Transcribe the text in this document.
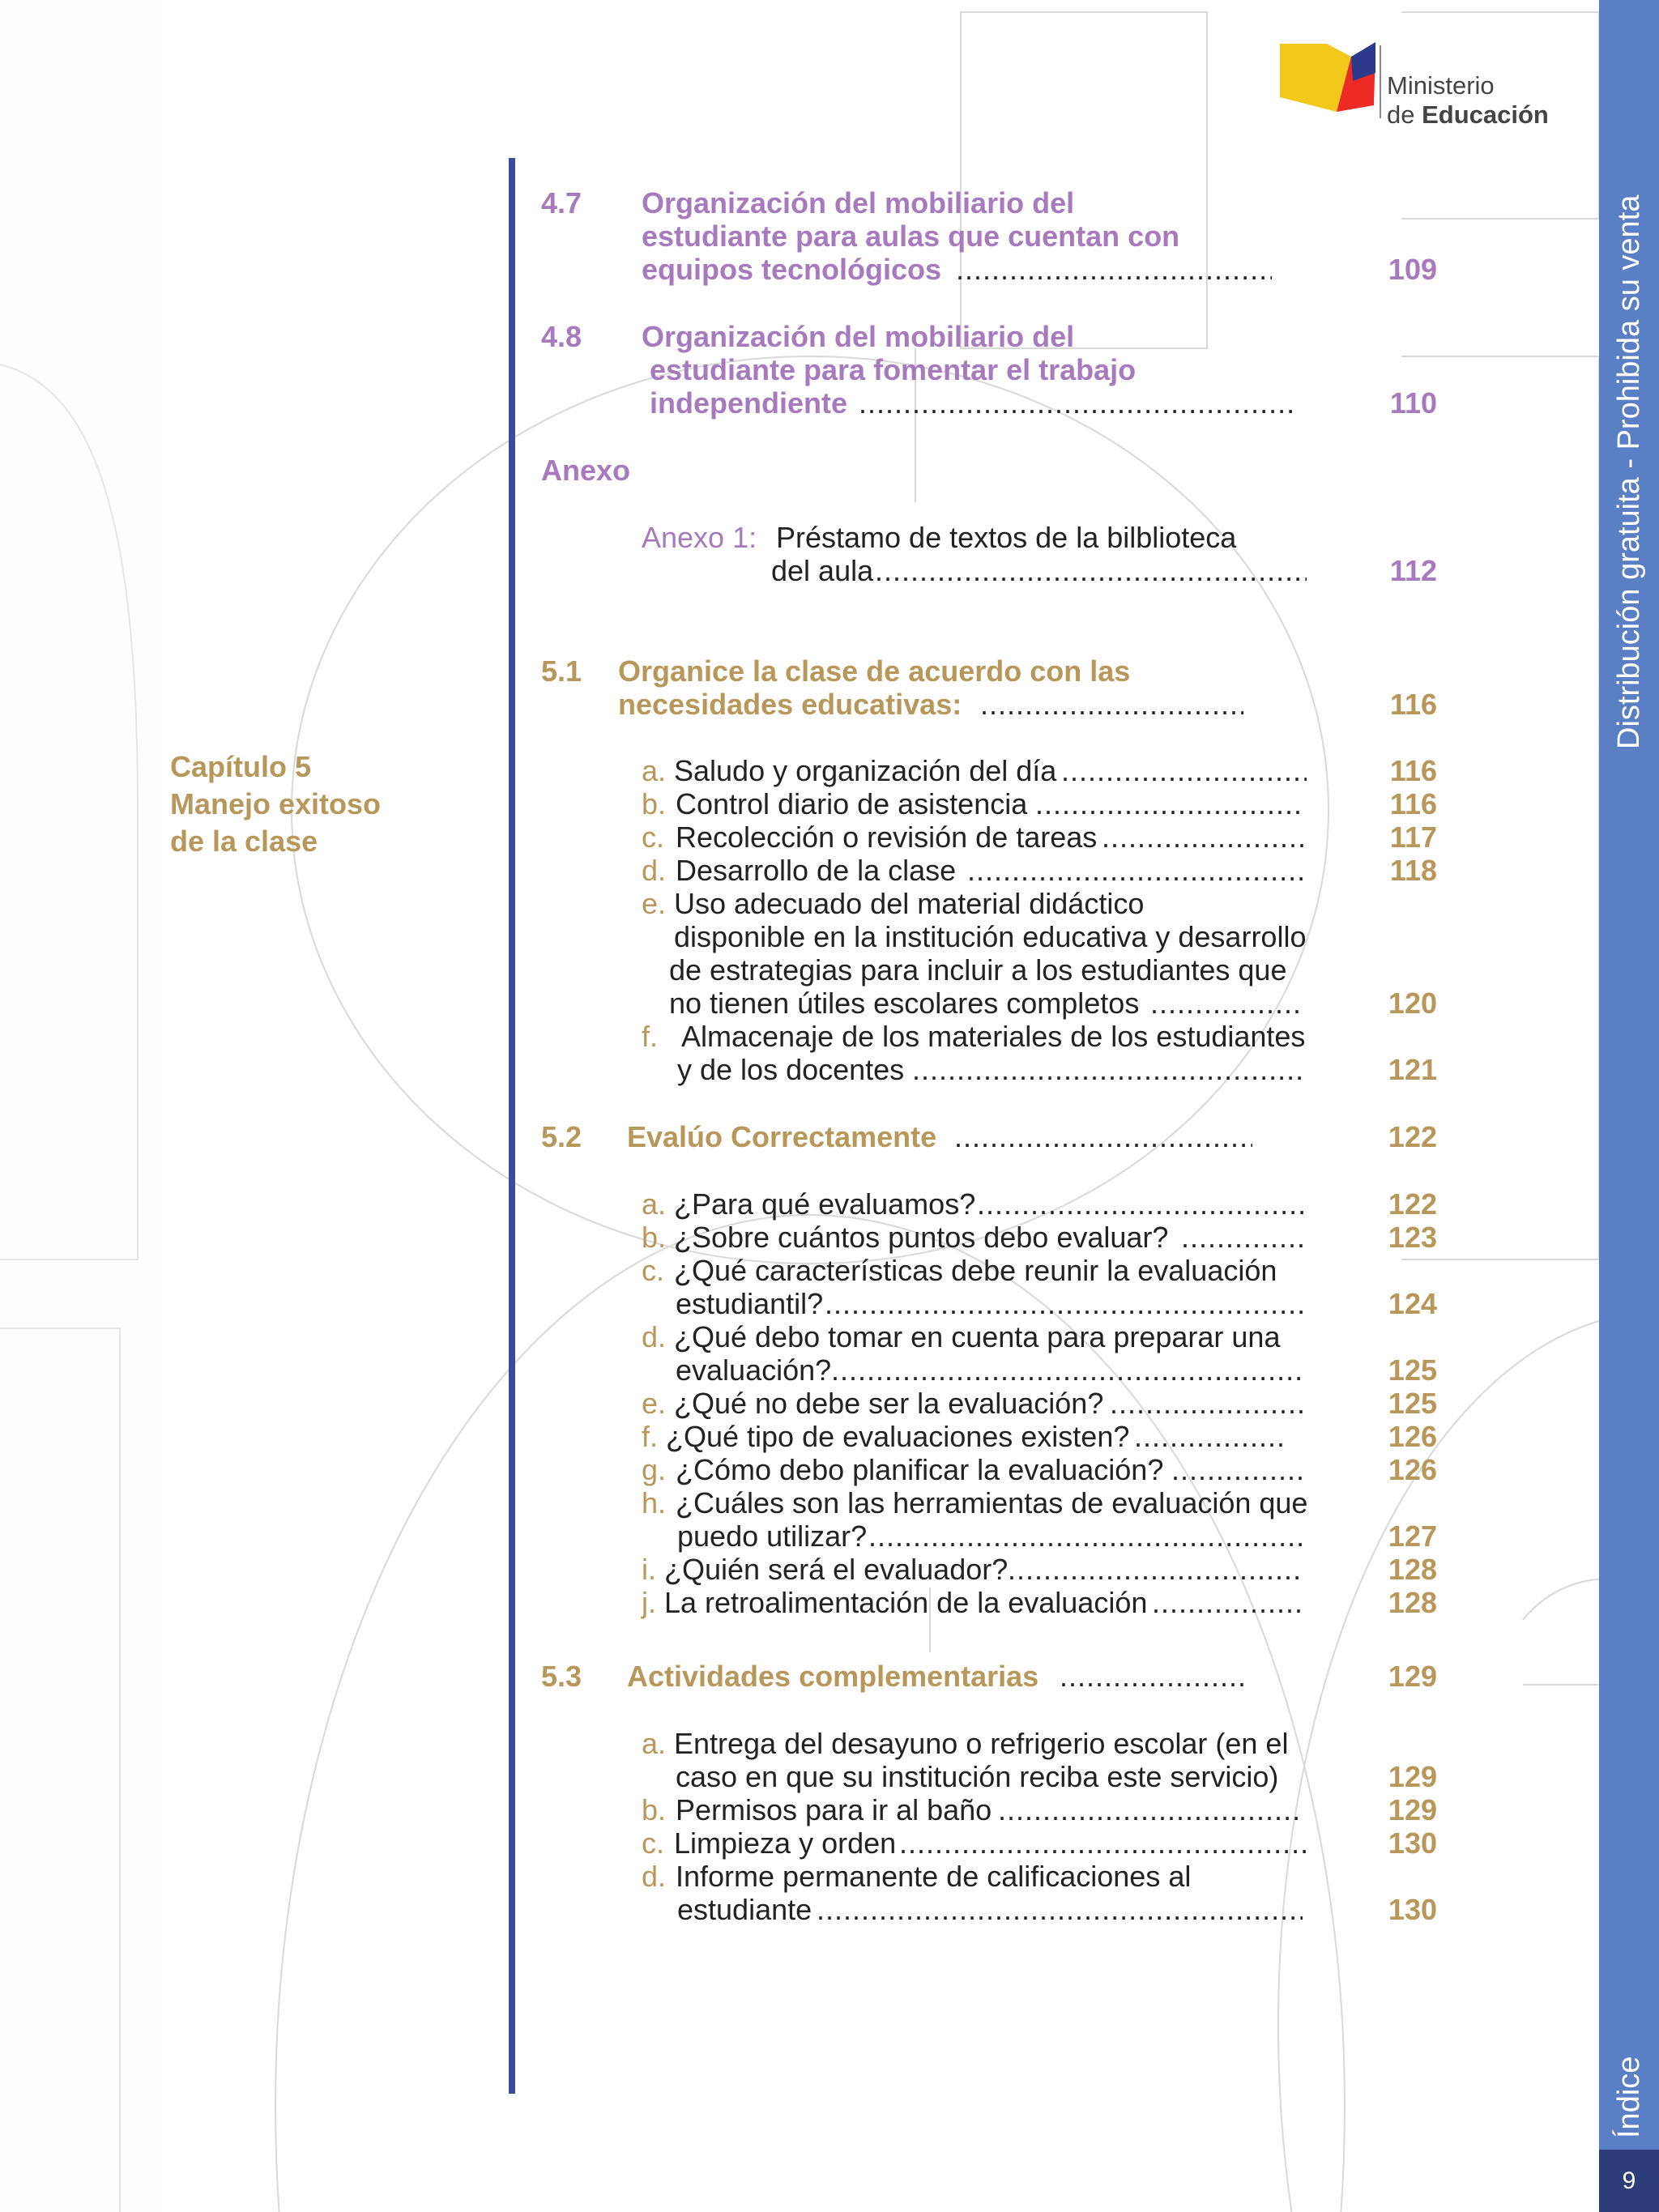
Ministerio
de Educación
Distribución gratuita - Prohibida su venta
Índice
9
Capítulo 5
Manejo exitoso
de la clase
4.7 Organización del mobiliario del
estudiante para aulas que cuentan con
equipos tecnológicos .....	109
4.8 Organización del mobiliario del
estudiante para fomentar el trabajo
independiente .....	110
Anexo
Anexo 1: Préstamo de textos de la bilblioteca
del aula .....	112
5.1 Organice la clase de acuerdo con las
necesidades educativas: .....	116
a. Saludo y organización del día .....	116
b. Control diario de asistencia .....	116
c. Recolección o revisión de tareas .....	117
d. Desarrollo de la clase .....	118
e. Uso adecuado del material didáctico
disponible en la institución educativa y desarrollo
de estrategias para incluir a los estudiantes que
no tienen útiles escolares completos .....	120
f. Almacenaje de los materiales de los estudiantes
y de los docentes .....	121
5.2 Evalúo Correctamente .....	122
a. ¿Para qué evaluamos? .....	122
b. ¿Sobre cuántos puntos debo evaluar? .....	123
c. ¿Qué características debe reunir la evaluación
estudiantil? .....	124
d. ¿Qué debo tomar en cuenta para preparar una
evaluación? .....	125
e. ¿Qué no debe ser la evaluación? .....	125
f. ¿Qué tipo de evaluaciones existen? .....	126
g. ¿Cómo debo planificar la evaluación? .....	126
h. ¿Cuáles son las herramientas de evaluación que
puedo utilizar? .....	127
i. ¿Quién será el evaluador? .....	128
j. La retroalimentación de la evaluación .....	128
5.3 Actividades complementarias .....	129
a. Entrega del desayuno o refrigerio escolar (en el
caso en que su institución reciba este servicio)	129
b. Permisos para ir al baño .....	129
c. Limpieza y orden .....	130
d. Informe permanente de calificaciones al
estudiante .....	130
